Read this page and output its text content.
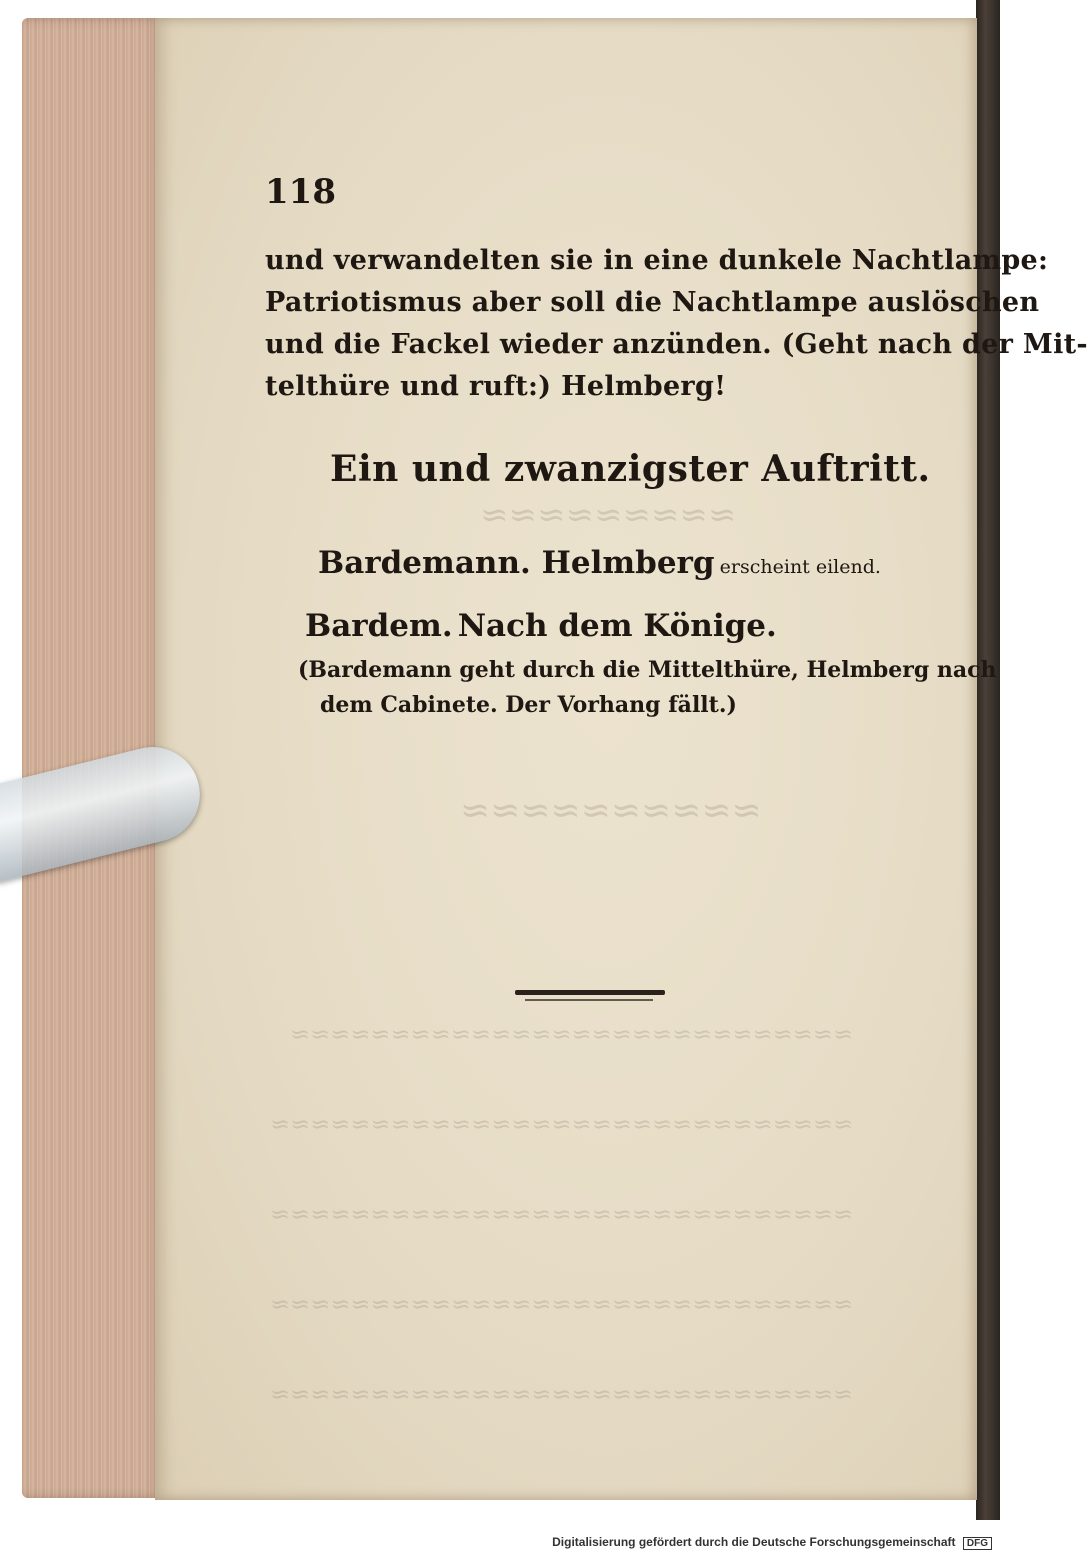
≈≈≈≈≈≈≈≈≈
≈≈≈≈≈≈≈≈≈≈
≈≈≈≈≈≈≈≈≈≈≈≈≈≈≈≈≈≈≈≈≈≈≈≈≈≈≈≈
≈≈≈≈≈≈≈≈≈≈≈≈≈≈≈≈≈≈≈≈≈≈≈≈≈≈≈≈≈
≈≈≈≈≈≈≈≈≈≈≈≈≈≈≈≈≈≈≈≈≈≈≈≈≈≈≈≈≈
≈≈≈≈≈≈≈≈≈≈≈≈≈≈≈≈≈≈≈≈≈≈≈≈≈≈≈≈≈
≈≈≈≈≈≈≈≈≈≈≈≈≈≈≈≈≈≈≈≈≈≈≈≈≈≈≈≈≈
118
und verwandelten sie in eine dunkele Nachtlampe:
Patriotismus aber soll die Nachtlampe auslöschen
und die Fackel wieder anzünden. (Geht nach der Mit-
telthüre und ruft:) Helmberg!
Ein und zwanzigster Auftritt.
Bardemann. Helmberg erscheint eilend.
Bardem. Nach dem Könige.
(Bardemann geht durch die Mittelthüre, Helmberg nach
dem Cabinete. Der Vorhang fällt.)
Digitalisierung gefördert durch die Deutsche Forschungsgemeinschaft DFG
